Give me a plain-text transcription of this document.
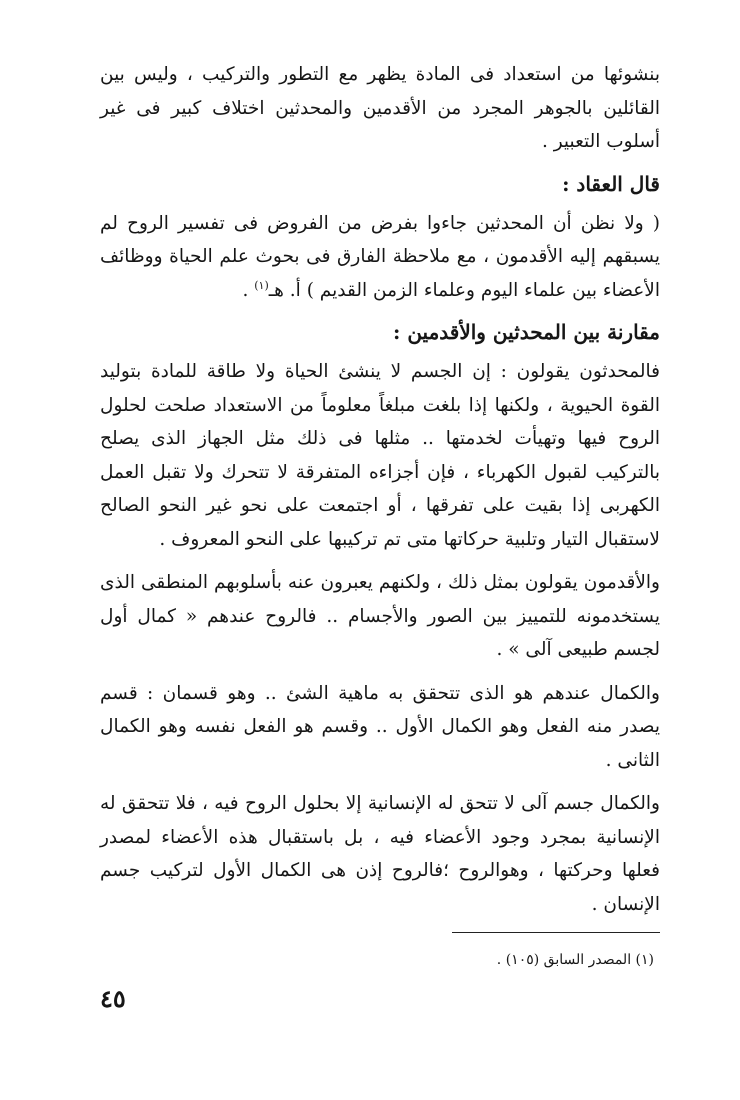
بنشوئها من استعداد فى المادة يظهر مع التطور والتركيب ، وليس بين القائلين بالجوهر المجرد من الأقدمين والمحدثين اختلاف كبير فى غير أسلوب التعبير .

قال العقاد :

( ولا نظن أن المحدثين جاءوا بفرض من الفروض فى تفسير الروح لم يسبقهم إليه الأقدمون ، مع ملاحظة الفارق فى بحوث علم الحياة ووظائف الأعضاء بين علماء اليوم وعلماء الزمن القديم ) أ. هـ$^{(١)}$ .

مقارنة بين المحدثين والأقدمين :

فالمحدثون يقولون : إن الجسم لا ينشئ الحياة ولا طاقة للمادة بتوليد القوة الحيوية ، ولكنها إذا بلغت مبلغاً معلوماً من الاستعداد صلحت لحلول الروح فيها وتهيأت لخدمتها .. مثلها فى ذلك مثل الجهاز الذى يصلح بالتركيب لقبول الكهرباء ، فإن أجزاءه المتفرقة لا تتحرك ولا تقبل العمل الكهربى إذا بقيت على تفرقها ، أو اجتمعت على نحو غير النحو الصالح لاستقبال التيار وتلبية حركاتها متى تم تركيبها على النحو المعروف .

والأقدمون يقولون بمثل ذلك ، ولكنهم يعبرون عنه بأسلوبهم المنطقى الذى يستخدمونه للتمييز بين الصور والأجسام .. فالروح عندهم « كمال أول لجسم طبيعى آلى » .

والكمال عندهم هو الذى تتحقق به ماهية الشئ .. وهو قسمان : قسم يصدر منه الفعل وهو الكمال الأول .. وقسم هو الفعل نفسه وهو الكمال الثانى .

والكمال جسم آلى لا تتحق له الإنسانية إلا بحلول الروح فيه ، فلا تتحقق له الإنسانية بمجرد وجود الأعضاء فيه ، بل باستقبال هذه الأعضاء لمصدر فعلها وحركتها ، وهوالروح ؛فالروح إذن هى الكمال الأول لتركيب جسم الإنسان .

(١) المصدر السابق (١٠٥) .
٤٥
